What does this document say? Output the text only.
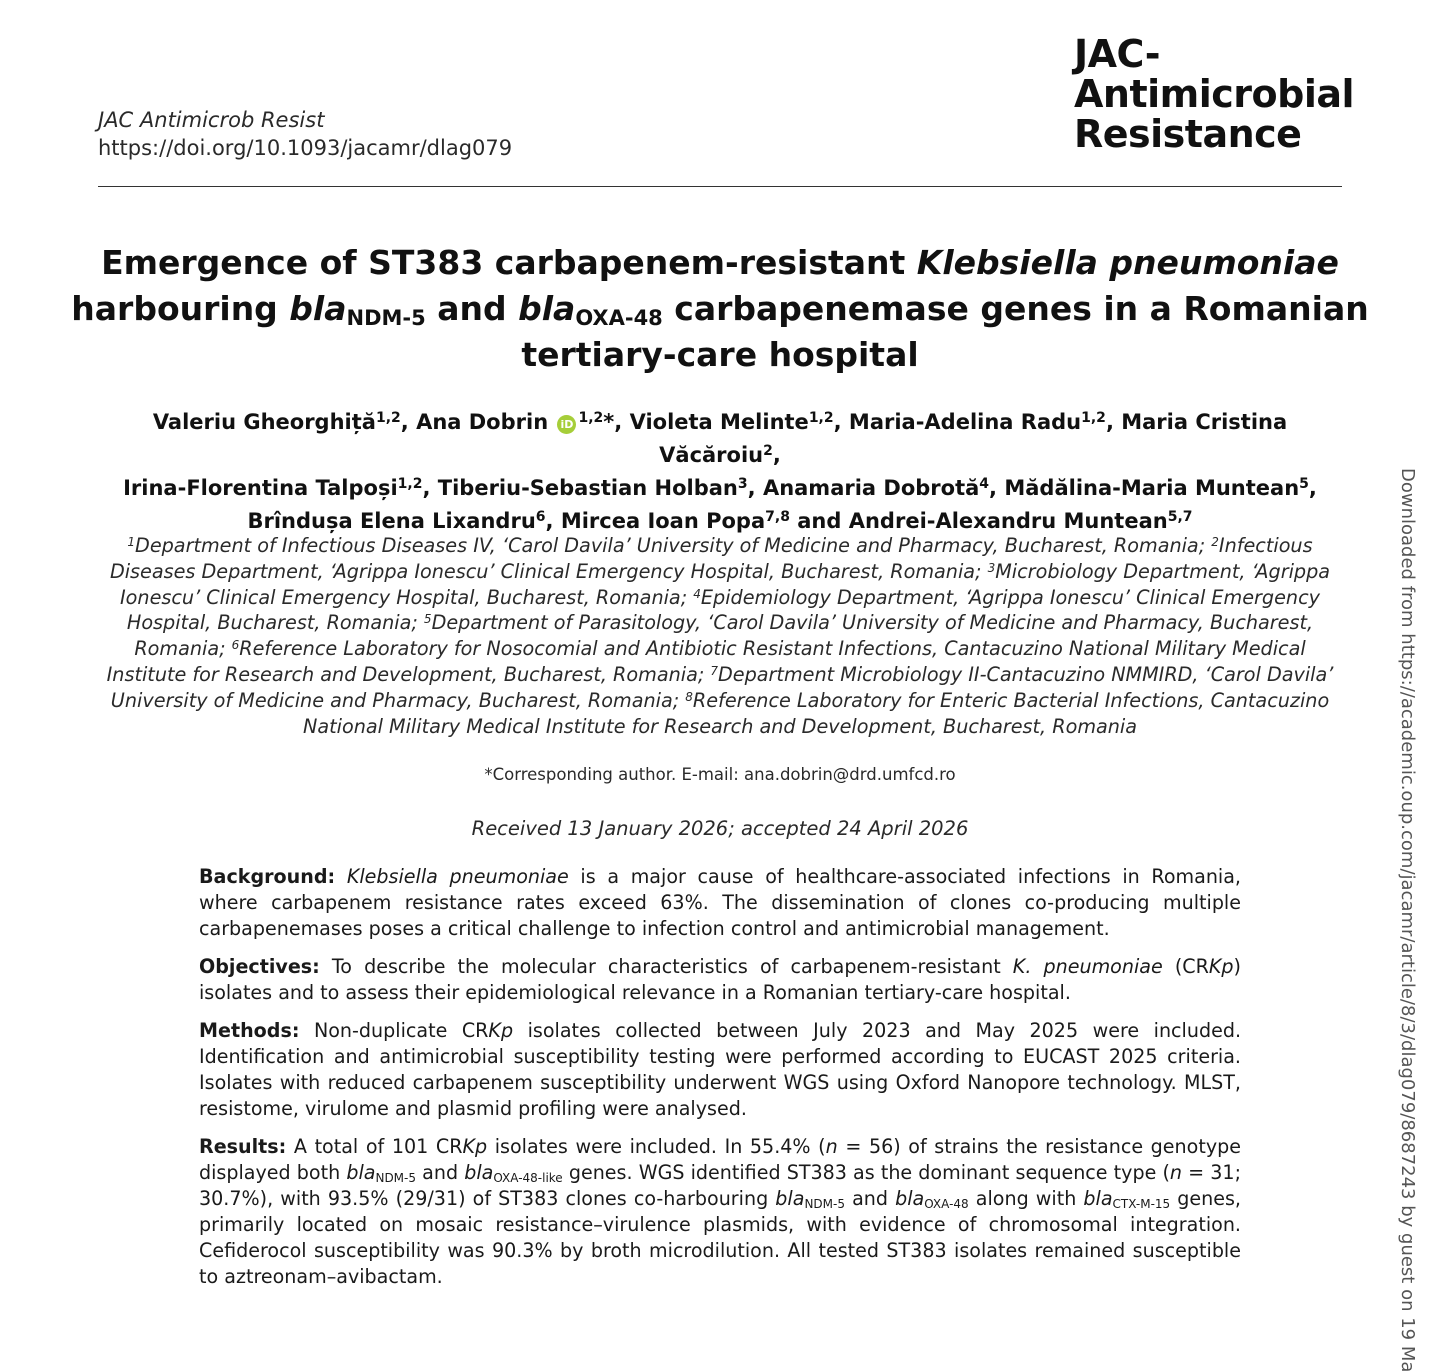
JAC Antimicrob Resist
https://doi.org/10.1093/jacamr/dlag079
JAC-
Antimicrobial
Resistance
Emergence of ST383 carbapenem-resistant Klebsiella pneumoniae
harbouring bla$_{NDM-5}$ and bla$_{OXA-48}$ carbapenemase genes in a Romanian
tertiary-care hospital
Valeriu Gheorghiță$^{1,2}$, Ana Dobrin iD $^{1,2}$*, Violeta Melinte$^{1,2}$, Maria-Adelina Radu$^{1,2}$, Maria Cristina Văcăroiu$^2$,
Irina-Florentina Talpoși$^{1,2}$, Tiberiu-Sebastian Holban$^3$, Anamaria Dobrotă$^4$, Mădălina-Maria Muntean$^5$,
Brîndușa Elena Lixandru$^6$, Mircea Ioan Popa$^{7,8}$ and Andrei-Alexandru Muntean$^{5,7}$
$^1$Department of Infectious Diseases IV, ‘Carol Davila’ University of Medicine and Pharmacy, Bucharest, Romania; $^2$Infectious Diseases Department, ‘Agrippa Ionescu’ Clinical Emergency Hospital, Bucharest, Romania; $^3$Microbiology Department, ‘Agrippa Ionescu’ Clinical Emergency Hospital, Bucharest, Romania; $^4$Epidemiology Department, ‘Agrippa Ionescu’ Clinical Emergency Hospital, Bucharest, Romania; $^5$Department of Parasitology, ‘Carol Davila’ University of Medicine and Pharmacy, Bucharest, Romania; $^6$Reference Laboratory for Nosocomial and Antibiotic Resistant Infections, Cantacuzino National Military Medical Institute for Research and Development, Bucharest, Romania; $^7$Department Microbiology II-Cantacuzino NMMIRD, ‘Carol Davila’ University of Medicine and Pharmacy, Bucharest, Romania; $^8$Reference Laboratory for Enteric Bacterial Infections, Cantacuzino National Military Medical Institute for Research and Development, Bucharest, Romania
*Corresponding author. E-mail: ana.dobrin@drd.umfcd.ro
Received 13 January 2026; accepted 24 April 2026

Background: Klebsiella pneumoniae is a major cause of healthcare-associated infections in Romania, where carbapenem resistance rates exceed 63%. The dissemination of clones co-producing multiple carbapenemases poses a critical challenge to infection control and antimicrobial management.

Objectives: To describe the molecular characteristics of carbapenem-resistant K. pneumoniae (CRKp) isolates and to assess their epidemiological relevance in a Romanian tertiary-care hospital.

Methods: Non-duplicate CRKp isolates collected between July 2023 and May 2025 were included. Identification and antimicrobial susceptibility testing were performed according to EUCAST 2025 criteria. Isolates with reduced carbapenem susceptibility underwent WGS using Oxford Nanopore technology. MLST, resistome, virulome and plasmid profiling were analysed.

Results: A total of 101 CRKp isolates were included. In 55.4% (n = 56) of strains the resistance genotype displayed both bla$_{NDM-5}$ and bla$_{OXA-48-like}$ genes. WGS identified ST383 as the dominant sequence type (n = 31; 30.7%), with 93.5% (29/31) of ST383 clones co-harbouring bla$_{NDM-5}$ and bla$_{OXA-48}$ along with bla$_{CTX-M-15}$ genes, primarily located on mosaic resistance–virulence plasmids, with evidence of chromosomal integration. Cefiderocol susceptibility was 90.3% by broth microdilution. All tested ST383 isolates remained susceptible to aztreonam–avibactam.	Downloaded from https://academic.oup.com/jacamr/article/8/3/dlag079/8687243 by guest on 19 Ma
